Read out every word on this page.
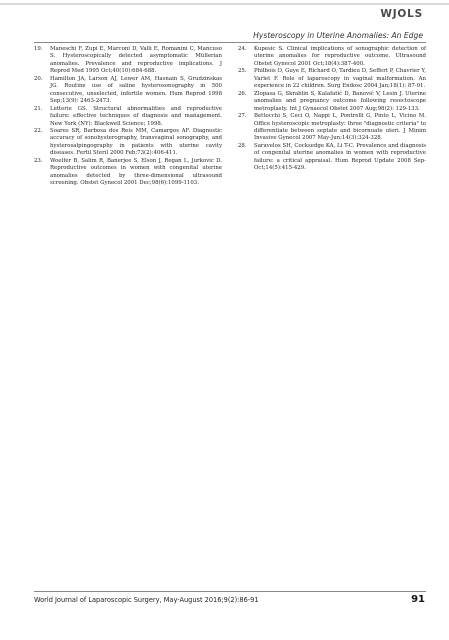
WJOLS
Hysteroscopy in Uterine Anomalies: An Edge
19. Maneschi F, Zupi E, Marconi D, Valli E, Romanini C, Mancuso S. Hysteroscopically detected asymptomatic Müllerian anomalies. Prevalence and reproductive implications. J Reprod Med 1995 Oct;40(10):684-688.
20. Hamilton JA, Larson AJ, Lower AM, Hasnain S, Grudzinskas JG. Routine use of saline hysterosonography in 500 consecutive, unselected, infertile women. Hum Reprod 1998 Sep;13(9): 2463-2473.
21. Letterie GS. Structural abnormalities and reproductive failure: effective techniques of diagnosis and management. New York (NY): Blackwell Science; 1998.
22. Soares SR, Barbosa dos Reis MM, Camargos AF. Diagnostic accuracy of sonohysterography, transvaginal sonography, and hysterosalpingography in patients with uterine cavity diseases. Fertil Steril 2000 Feb;73(2):406-411.
23. Woelfer B, Salim R, Banerjee S, Elson J, Regan L, Jurkovic D. Reproductive outcomes in women with congenital uterine anomalies detected by three-dimensional ultrasound screening. Obstet Gynecol 2001 Dec;98(6):1099-1103.
24. Kupesic S. Clinical implications of sonographic detection of uterine anomalies for reproductive outcome. Ultrasound Obstet Gynecol 2001 Oct;18(4):387-400.
25. Philbois O, Guye E, Richard O, Tardieu D, Seffert P, Chavrier Y, Varlet F. Role of laparoscopy in vaginal malformation. An experience in 22 children. Surg Endosc 2004 Jan;18(1): 87-91.
26. Zlopasa G, Skrablin S, Kalafatić D, Banović V, Lesin J. Uterine anomalies and pregnancy outcome following resectoscope metroplasty. Int J Gynaecol Obstet 2007 Aug;98(2): 129-133.
27. Bettocchi S, Ceci O, Nappi L, Pontrelli G, Pinto L, Vicino M. Office hysteroscopic metroplasty: three "diagnostic criteria" to differentiate between septate and bicornuate uteri. J Minim Invasive Gynecol 2007 May-Jun;14(3):324-328.
28. Saravelos SH, Cocksedge KA, Li T-C. Prevalence and diagnosis of congenital uterine anomalies in women with reproductive failure: a critical appraisal. Hum Reprod Update 2008 Sep-Oct;14(5):415-429.
World Journal of Laparoscopic Surgery, May-August 2016;9(2):86-91	91
